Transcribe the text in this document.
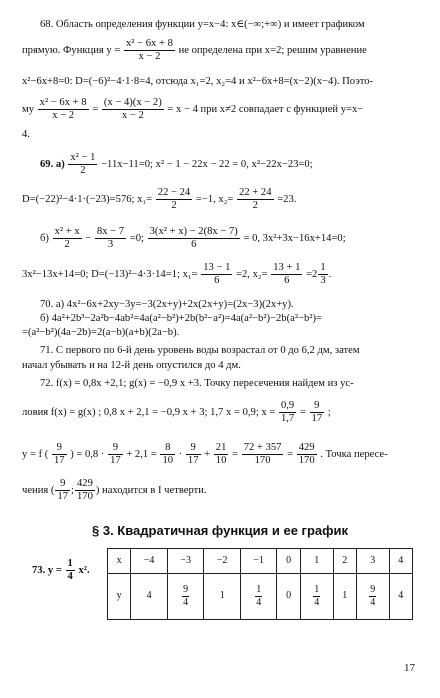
68. Область определения функции y=x−4: x∈(−∞;+∞) и имеет графиком
прямую. Функция $y = \frac{\text{x² − 6x + 8}}{x - 2}$ не определена при x=2; решим уравнение
x²−6x+8=0: D=(−6)²−4·1·8=4, отсюда x₁=2, x₂=4 и x²−6x+8=(x−2)(x−4). Поэто-
му $\frac{\text{x² − 6x + 8}}{x - 2} = \frac{(x - 4)(x - 2)}{x - 2} = x - 4$ при x≠2 совпадает с функцией y=x−
4.
69. $а) \frac{\text{x² − 1}}{2} -11x-11=0$; x² − 1 − 22x − 22 = 0, x²−22x−23=0;
D=(−22)²−4·1·(−23)=576; $x_1= \frac{22 - 24}{2} =-1$, $x_2= \frac{22 + 24}{2} =23$.
$б) \frac{\text{x² + x}}{2} - \frac{8x - 7}{3} =0$; $\frac{\text{3(x² + x) − 2(8x − 7)}}{6} = 0$, 3x²+3x−16x+14=0;
3x²−13x+14=0; D=(−13)²−4·3·14=1; $x_1= \frac{13 - 1}{6} =2$, $x_2= \frac{13 + 1}{6} =2 \frac{1}{3}$ .
70. а) 4x²−6x+2xy−3y=−3(2x+y)+2x(2x+y)=(2x−3)(2x+y).
б) 4a²+2b³−2a²b−4ab²=4a(a²−b²)+2b(b²−a²)=4a(a²−b²)−2b(a²−b²)=
=(a²−b²)(4a−2b)=2(a−b)(a+b)(2a−b).
71. С первого по 6-й день уровень воды возрастал от 0 до 6,2 дм, затем
начал убывать и на 12-й день опустился до 4 дм.
72. f(x) = 0,8x +2,1; g(x) = −0,9 x +3. Точку пересечения найдем из ус-
ловия f(x) = g(x) ; 0,8 x + 2,1 = −0,9 x + 3; 1,7 x = 0,9; $x = \frac{0,9}{1,7} = \frac{9}{17}$ ;
y = f ( $\frac{9}{17}$ ) = $0,8 \cdot \frac{9}{17} + 2,1 = \frac{8}{10} \cdot \frac{9}{17} + \frac{21}{10} = \frac{72 + 357}{170} = \frac{429}{170}$ . Точка пересе-
чения ( $\frac{9}{17}$ ; $\frac{429}{170}$ ) находится в I четверти.
§ 3. Квадратичная функция и ее график
73. $y = \frac{1}{4} x^2$.
x	−4	−3	−2	−1	0	1	2	3	4
y	4	$\frac{9}{4}$	1	$\frac{1}{4}$	0	$\frac{1}{4}$	1	$\frac{9}{4}$	4
17
